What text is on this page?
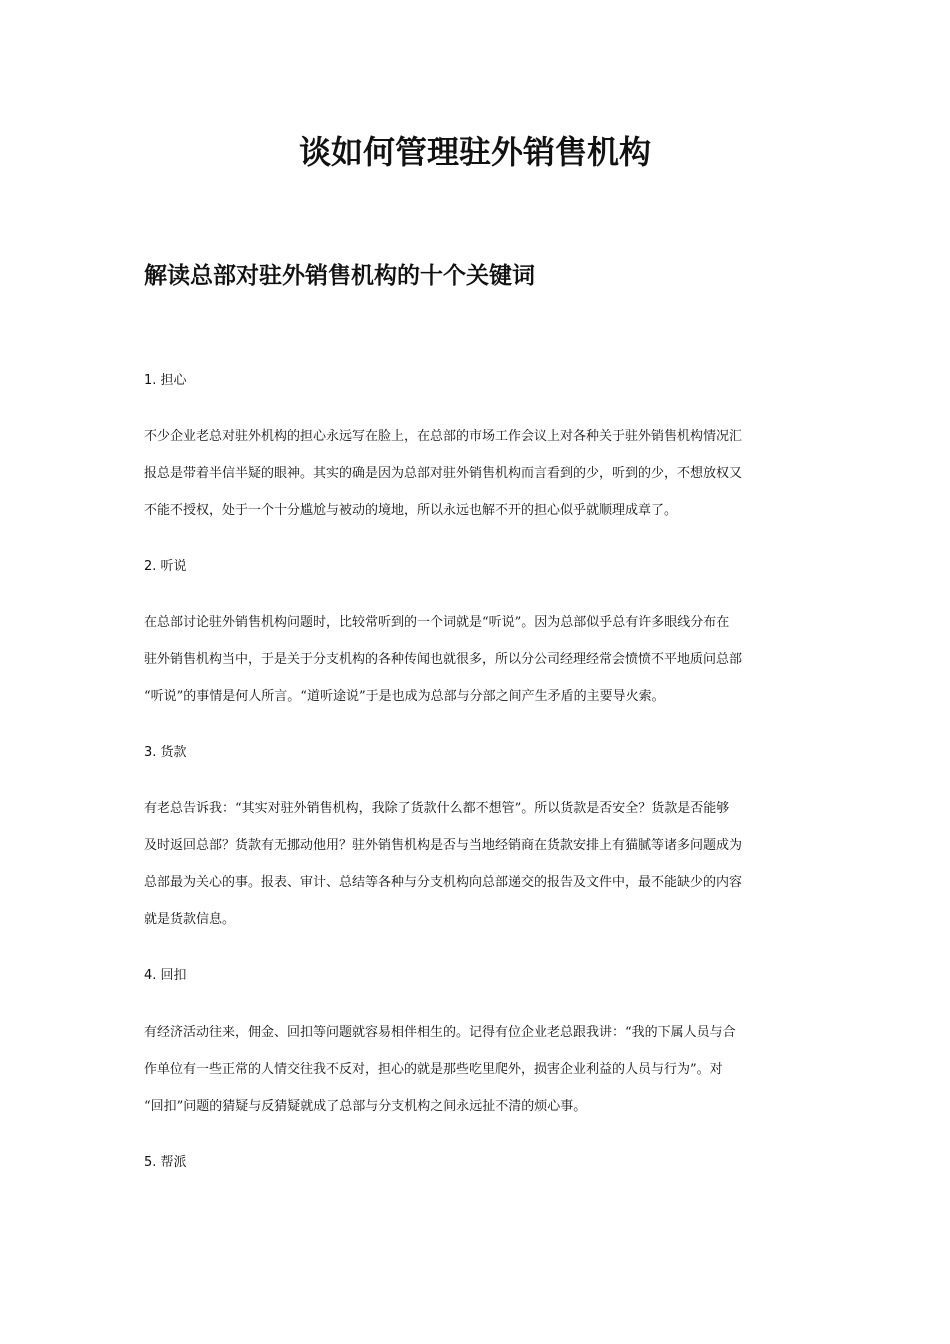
谈如何管理驻外销售机构
解读总部对驻外销售机构的十个关键词

1. 担心

不少企业老总对驻外机构的担心永远写在脸上，在总部的市场工作会议上对各种关于驻外销售机构情况汇
报总是带着半信半疑的眼神。其实的确是因为总部对驻外销售机构而言看到的少，听到的少，不想放权又
不能不授权，处于一个十分尴尬与被动的境地，所以永远也解不开的担心似乎就顺理成章了。

2. 听说

在总部讨论驻外销售机构问题时，比较常听到的一个词就是“听说”。因为总部似乎总有许多眼线分布在
驻外销售机构当中，于是关于分支机构的各种传闻也就很多，所以分公司经理经常会愤愤不平地质问总部
“听说”的事情是何人所言。“道听途说”于是也成为总部与分部之间产生矛盾的主要导火索。

3. 货款

有老总告诉我：“其实对驻外销售机构，我除了货款什么都不想管”。所以货款是否安全？货款是否能够
及时返回总部？货款有无挪动他用？驻外销售机构是否与当地经销商在货款安排上有猫腻等诸多问题成为
总部最为关心的事。报表、审计、总结等各种与分支机构向总部递交的报告及文件中，最不能缺少的内容
就是货款信息。

4. 回扣

有经济活动往来，佣金、回扣等问题就容易相伴相生的。记得有位企业老总跟我讲：“我的下属人员与合
作单位有一些正常的人情交往我不反对，担心的就是那些吃里爬外，损害企业利益的人员与行为”。对
“回扣”问题的猜疑与反猜疑就成了总部与分支机构之间永远扯不清的烦心事。

5. 帮派
